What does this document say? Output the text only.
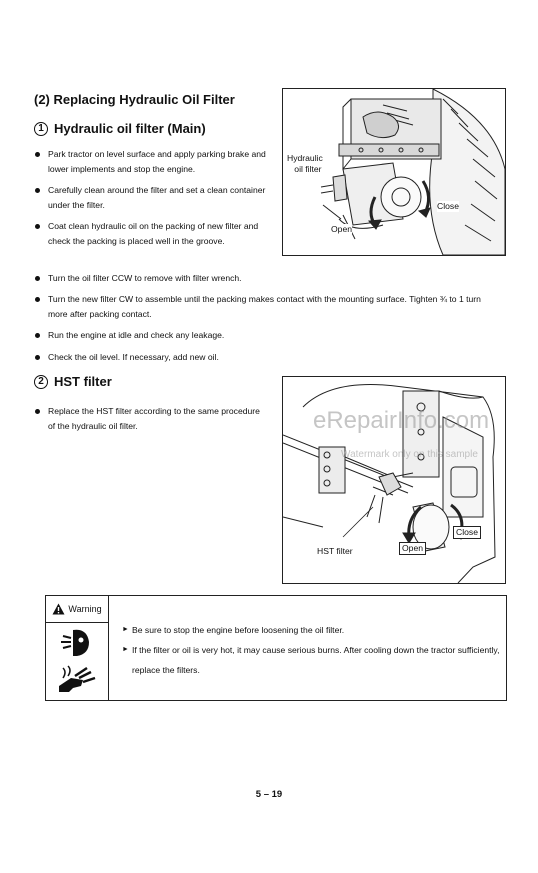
(2) Replacing Hydraulic Oil Filter
1 Hydraulic oil filter (Main)
Park tractor on level surface and apply parking brake and lower implements and stop the engine.
Carefully clean around the filter and set a clean container under the filter.
Coat clean hydraulic oil on the packing of new filter and check the packing is placed well in the groove.
Turn the oil filter CCW to remove with filter wrench.
Turn the new filter CW to assemble until the packing makes contact with the mounting surface. Tighten ¾ to 1 turn more after packing contact.
Run the engine at idle and check any leakage.
Check the oil level. If necessary, add new oil.
Hydraulic
oil filter
Close
Open
2 HST filter
Replace the HST filter according to the same procedure of the hydraulic oil filter.
HST filter	Open
Close
eRepairInfo.com
Watermark only on this sample
Warning
► Be sure to stop the engine before loosening the oil filter.
► If the filter or oil is very hot, it may cause serious burns. After cooling down the tractor sufficiently, replace the filters.
5 – 19
